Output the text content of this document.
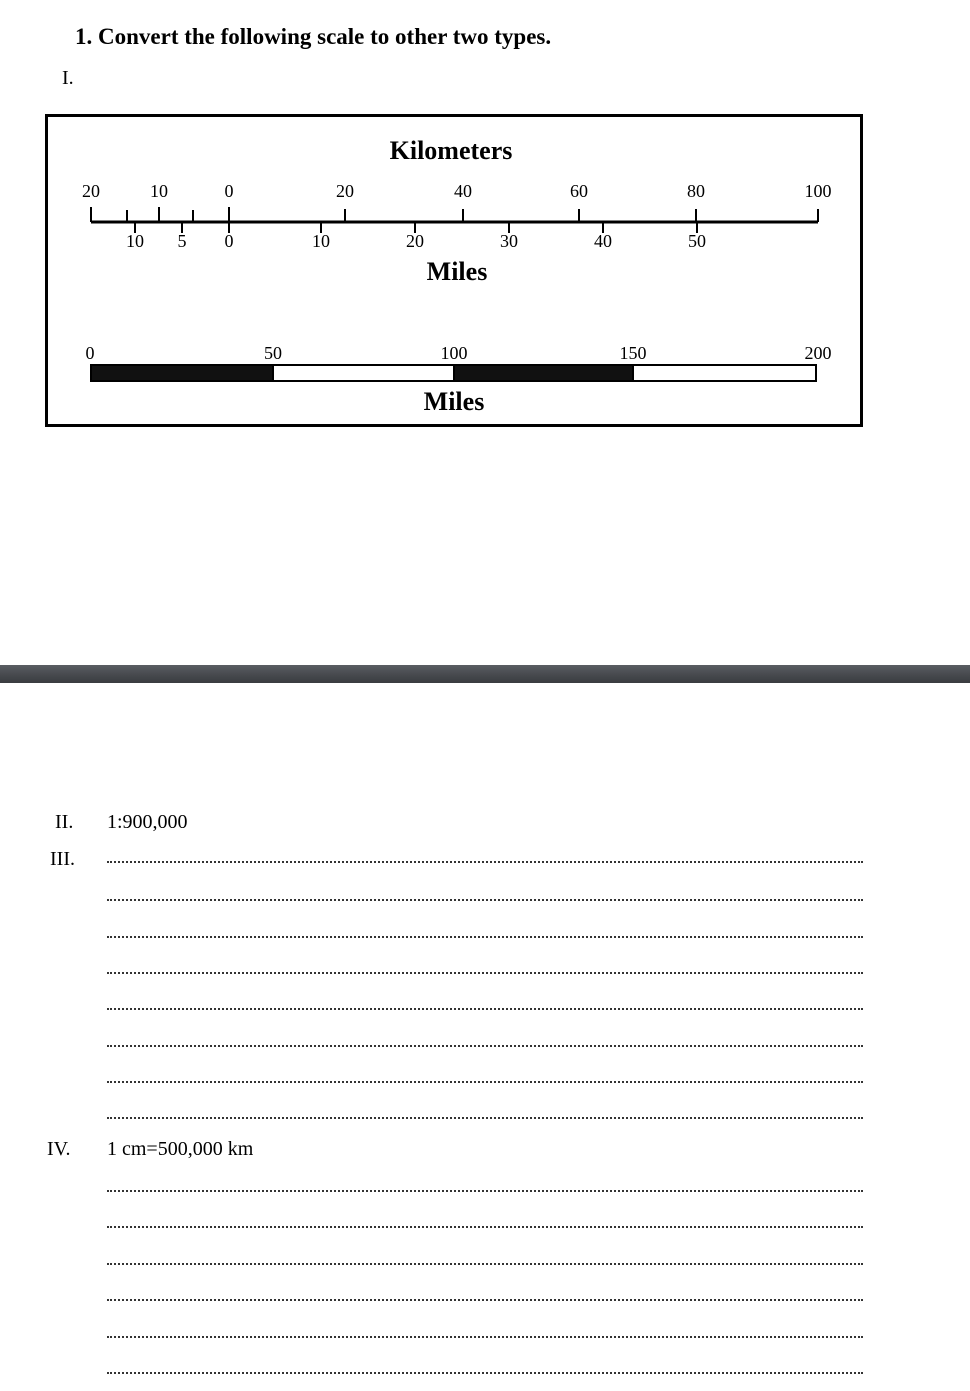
1. Convert the following scale to other two types.
I.
Kilometers
20	10	0	20	40	60	80	100
10 5 0	10	20	30	40	50
Miles
0	50	100	150	200
Miles
II. 1:900,000
III.
IV. 1 cm=500,000 km
